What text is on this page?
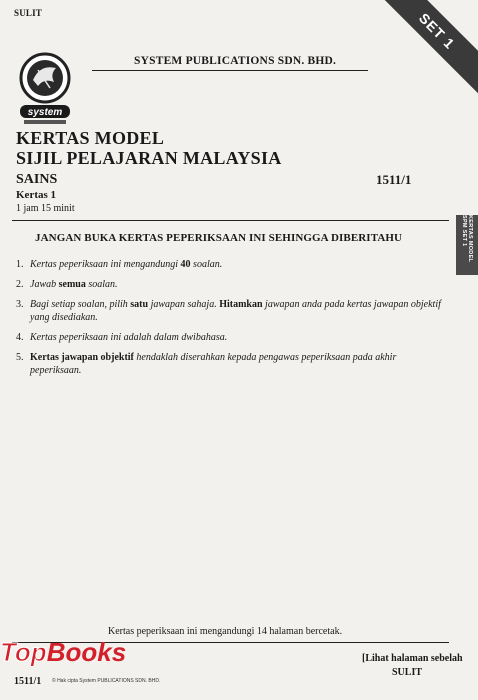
SULIT	SET 1
system
SYSTEM PUBLICATIONS SDN. BHD.
KERTAS MODEL
SIJIL PELAJARAN MALAYSIA
SAINS	1511/1
Kertas 1
1 jam 15 minit
KERTAS MODEL SPM SET 1
JANGAN BUKA KERTAS PEPERIKSAAN INI SEHINGGA DIBERITAHU
1. Kertas peperiksaan ini mengandungi 40 soalan.
2. Jawab semua soalan.
3. Bagi setiap soalan, pilih satu jawapan sahaja. Hitamkan jawapan anda pada kertas jawapan objektif yang disediakan.
4. Kertas peperiksaan ini adalah dalam dwibahasa.
5. Kertas jawapan objektif hendaklah diserahkan kepada pengawas peperiksaan pada akhir peperiksaan.
Kertas peperiksaan ini mengandungi 14 halaman bercetak.
TopBooks
1511/1 © Hak cipta System PUBLICATIONS SDN. BHD.
[Lihat halaman sebelah
SULIT
